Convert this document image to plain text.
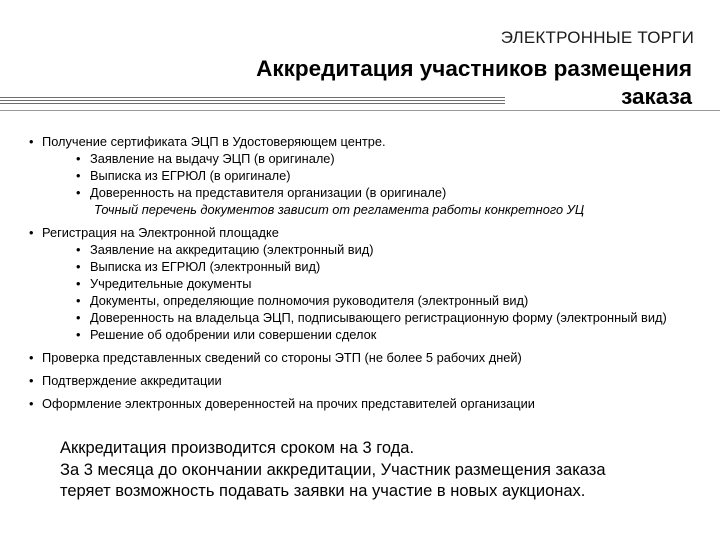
ЭЛЕКТРОННЫЕ ТОРГИ
Аккредитация участников размещения
заказа
• Получение сертификата ЭЦП в Удостоверяющем центре.
• Заявление на выдачу ЭЦП (в оригинале)
• Выписка из ЕГРЮЛ (в оригинале)
• Доверенность на представителя организации (в оригинале)
Точный перечень документов зависит от регламента работы конкретного УЦ
• Регистрация на Электронной площадке
• Заявление на аккредитацию (электронный вид)
• Выписка из ЕГРЮЛ (электронный вид)
• Учредительные документы
• Документы, определяющие полномочия руководителя (электронный вид)
• Доверенность на владельца ЭЦП, подписывающего регистрационную форму (электронный вид)
• Решение об одобрении или совершении сделок
• Проверка представленных сведений со стороны ЭТП (не более 5 рабочих дней)
• Подтверждение аккредитации
• Оформление электронных доверенностей на прочих представителей организации
Аккредитация производится сроком на 3 года.
За 3 месяца до окончании аккредитации, Участник размещения заказа
теряет возможность подавать заявки на участие в новых аукционах.
